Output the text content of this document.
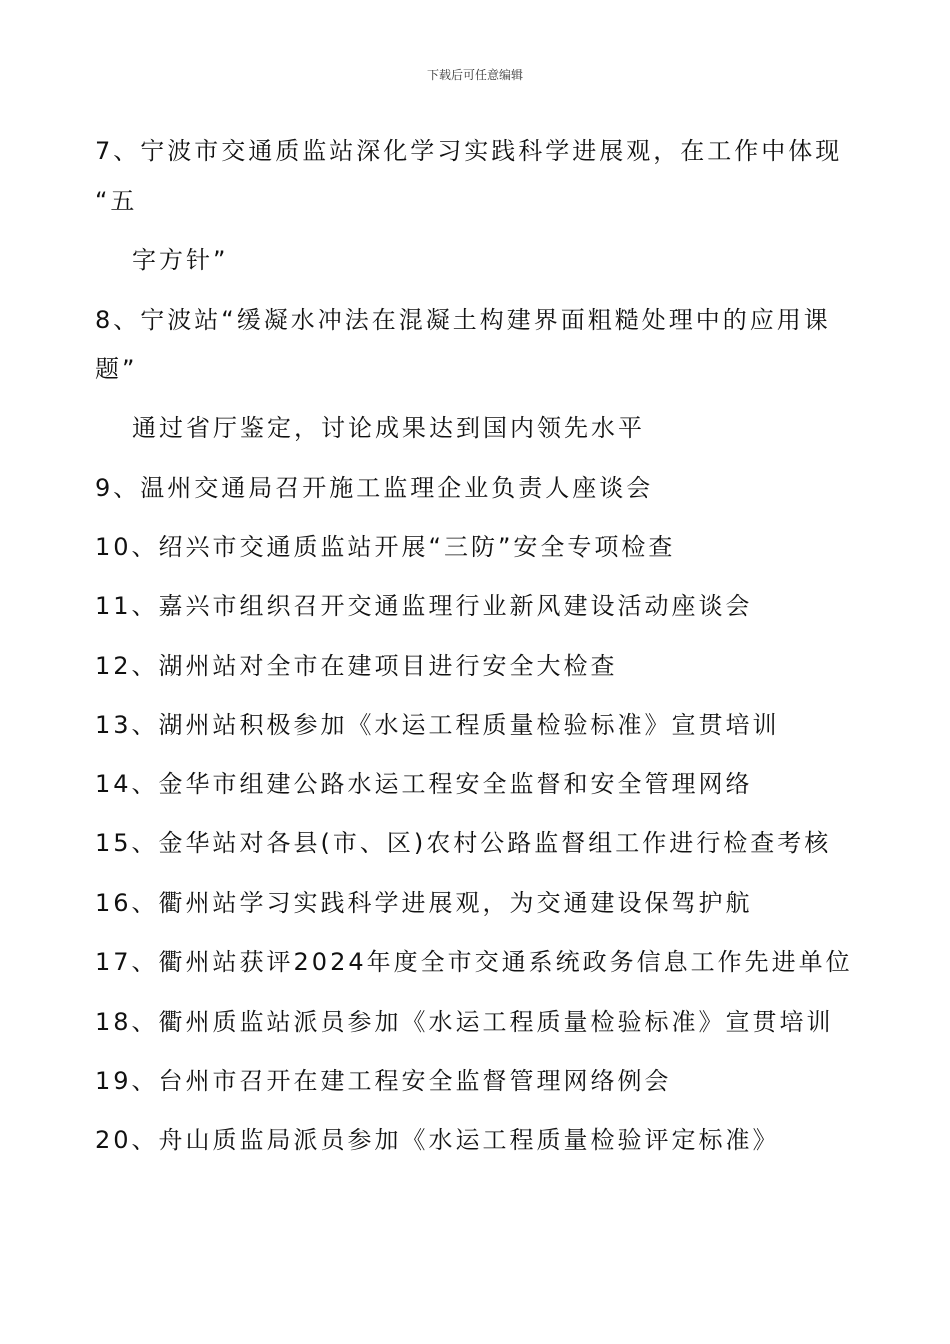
下载后可任意编辑
7、宁波市交通质监站深化学习实践科学进展观，在工作中体现
“五
字方针”
8、宁波站“缓凝水冲法在混凝土构建界面粗糙处理中的应用课
题”
通过省厅鉴定，讨论成果达到国内领先水平
9、温州交通局召开施工监理企业负责人座谈会
10、绍兴市交通质监站开展“三防”安全专项检查
11、嘉兴市组织召开交通监理行业新风建设活动座谈会
12、湖州站对全市在建项目进行安全大检查
13、湖州站积极参加《水运工程质量检验标准》宣贯培训
14、金华市组建公路水运工程安全监督和安全管理网络
15、金华站对各县(市、区)农村公路监督组工作进行检查考核
16、衢州站学习实践科学进展观，为交通建设保驾护航
17、衢州站获评2024年度全市交通系统政务信息工作先进单位
18、衢州质监站派员参加《水运工程质量检验标准》宣贯培训
19、台州市召开在建工程安全监督管理网络例会
20、舟山质监局派员参加《水运工程质量检验评定标准》
